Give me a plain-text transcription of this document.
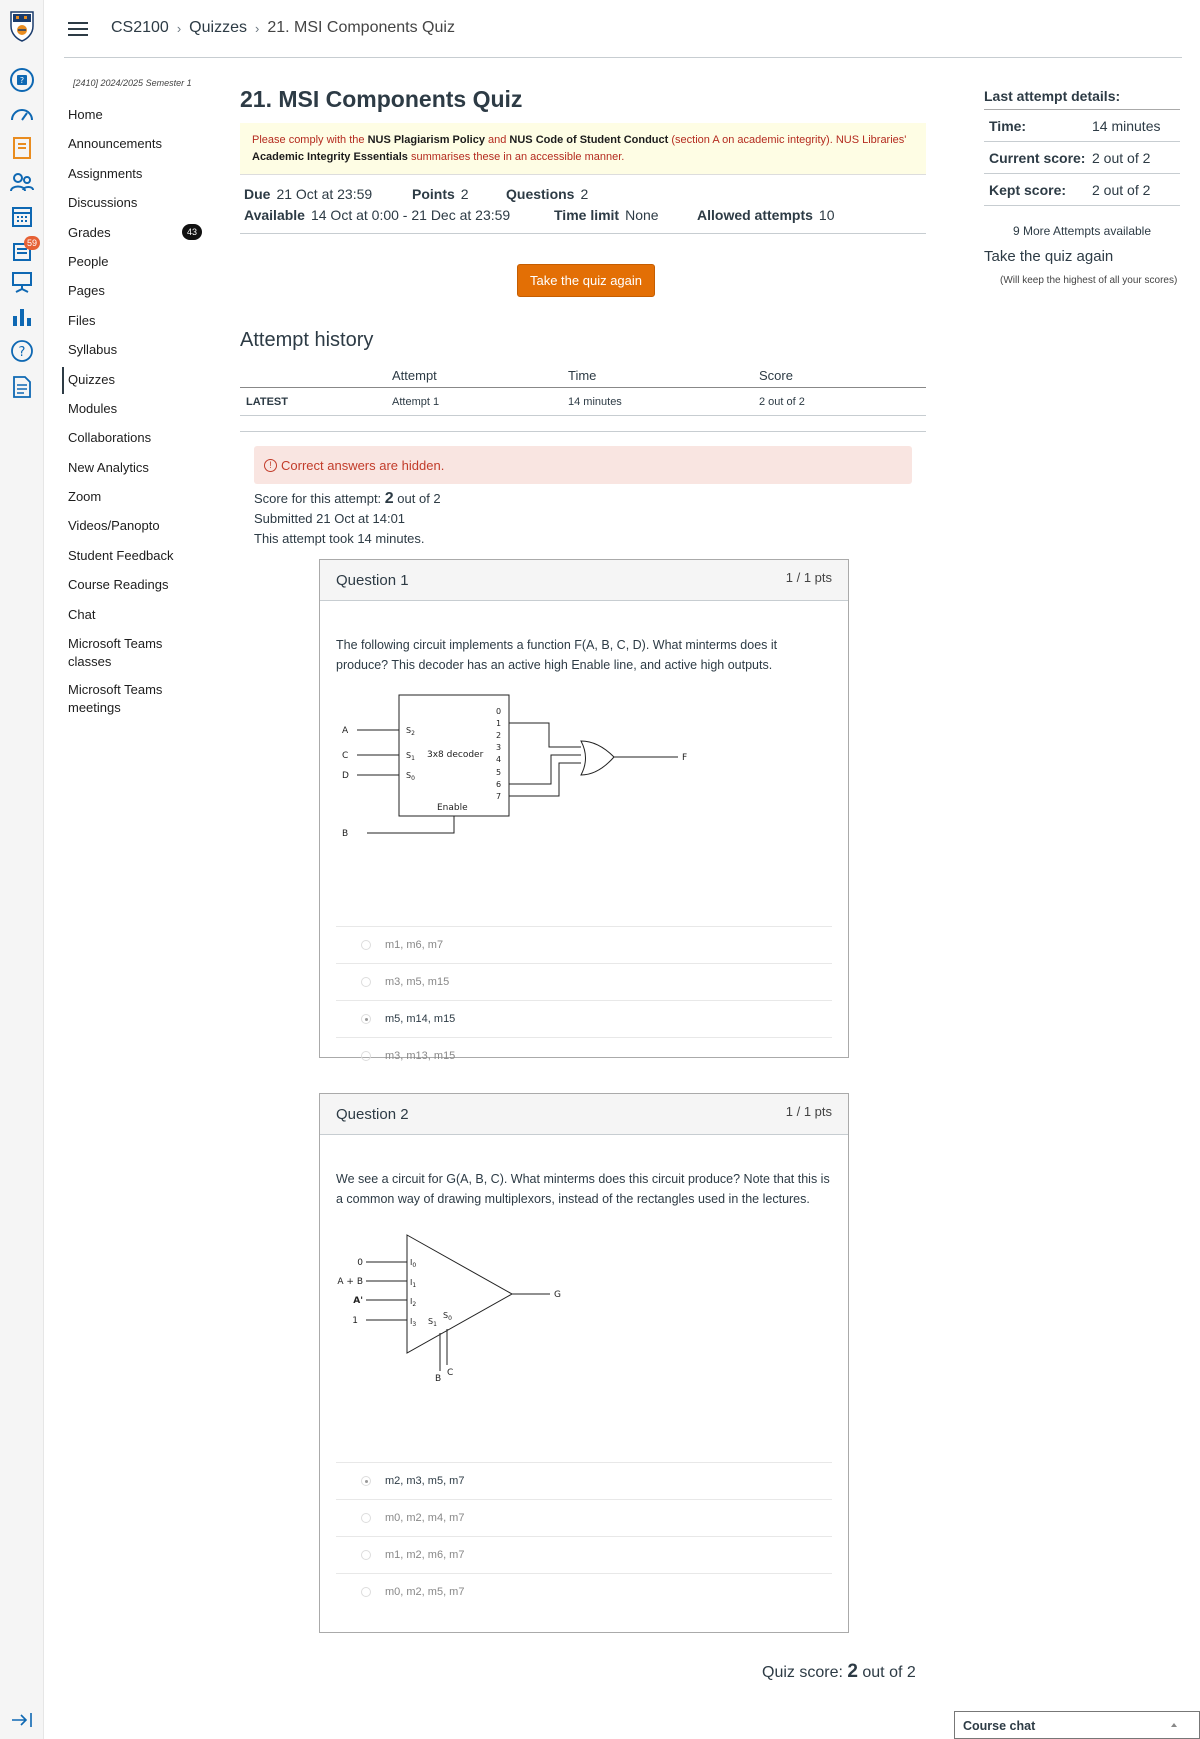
?
59
?
CS2100 › Quizzes › 21. MSI Components Quiz
[2410] 2024/2025 Semester 1
Home
Announcements
Assignments
Discussions
Grades	43
People
Pages
Files
Syllabus
Quizzes
Modules
Collaborations
New Analytics
Zoom
Videos/Panopto
Student Feedback
Course Readings
Chat
Microsoft Teams classes
Microsoft Teams meetings
21. MSI Components Quiz
Please comply with the NUS Plagiarism Policy and NUS Code of Student Conduct (section A on academic integrity). NUS Libraries' Academic Integrity Essentials summarises these in an accessible manner.
Due 21 Oct at 23:59	Points 2	Questions 2
Available 14 Oct at 0:00 - 21 Dec at 23:59	Time limit None	Allowed attempts 10
Take the quiz again
Attempt history
	Attempt	Time	Score
LATEST	Attempt 1	14 minutes	2 out of 2
! Correct answers are hidden.
Score for this attempt: 2 out of 2
Submitted 21 Oct at 14:01
This attempt took 14 minutes.
Question 1	1 / 1 pts
The following circuit implements a function F(A, B, C, D). What minterms does it produce? This decoder has an active high Enable line, and active high outputs.
A
C
D
B
$S_2$
$S_1$
$S_0$
3x8 decoder
Enable
0
1
2
3
4
5
6
7
F
m1, m6, m7
m3, m5, m15
m5, m14, m15
m3, m13, m15
Question 2	1 / 1 pts
We see a circuit for G(A, B, C). What minterms does this circuit produce? Note that this is a common way of drawing multiplexors, instead of the rectangles used in the lectures.
0
A + B
A'
1
$I_0$
$I_1$
$I_2$
$I_3$ $S_1$
$S_0$
G
B
C
m2, m3, m5, m7
m0, m2, m4, m7
m1, m2, m6, m7
m0, m2, m5, m7
Quiz score: 2 out of 2
Last attempt details:
Time:	14 minutes
Current score: 2 out of 2
Kept score:	2 out of 2
9 More Attempts available
Take the quiz again
(Will keep the highest of all your scores)
Course chat
